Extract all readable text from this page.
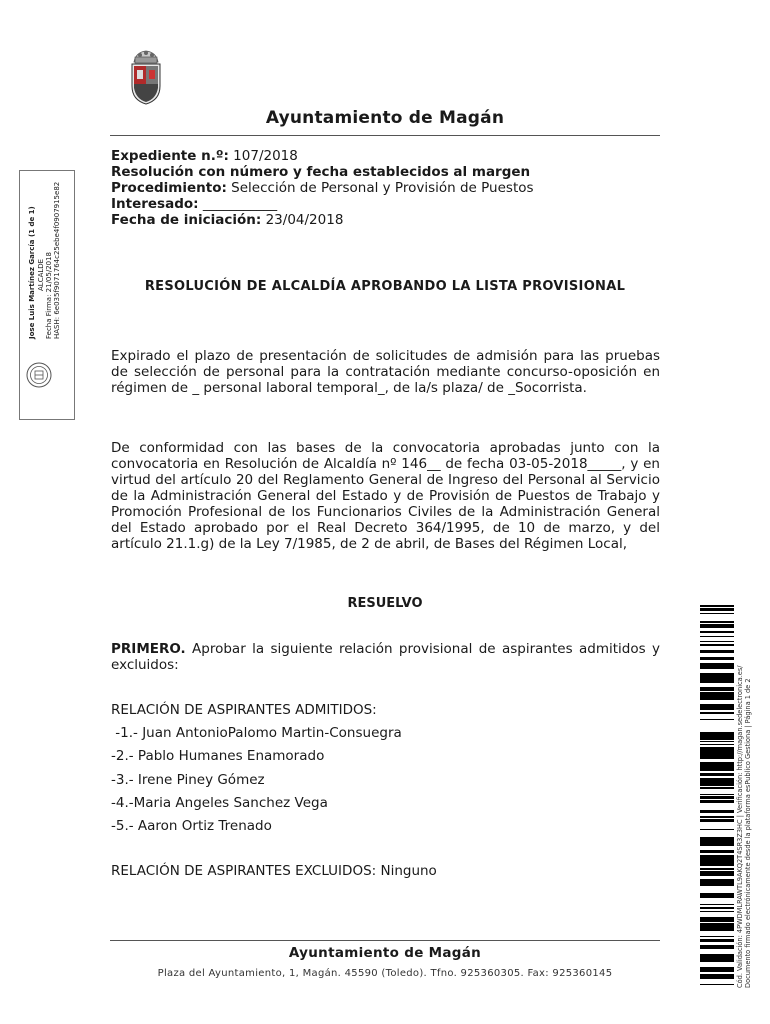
Ayuntamiento de Magán
Jose Luis Martínez García (1 de 1) ALCALDE Fecha Firma: 21/05/2018 HASH: 6e035f9071764c25ebe4f0907915e82
Expediente n.º: 107/2018
Resolución con número y fecha establecidos al margen
Procedimiento: Selección de Personal y Provisión de Puestos
Interesado: ___________
Fecha de iniciación: 23/04/2018
RESOLUCIÓN DE ALCALDÍA APROBANDO LA LISTA PROVISIONAL
Expirado el plazo de presentación de solicitudes de admisión para las pruebas de selección de personal para la contratación mediante concurso-oposición en régimen de _ personal laboral temporal_, de la/s plaza/ de _Socorrista.
De conformidad con las bases de la convocatoria aprobadas junto con la convocatoria en Resolución de Alcaldía nº 146__ de fecha 03-05-2018_____, y en virtud del artículo 20 del Reglamento General de Ingreso del Personal al Servicio de la Administración General del Estado y de Provisión de Puestos de Trabajo y Promoción Profesional de los Funcionarios Civiles de la Administración General del Estado aprobado por el Real Decreto 364/1995, de 10 de marzo, y del artículo 21.1.g) de la Ley 7/1985, de 2 de abril, de Bases del Régimen Local,
RESUELVO
PRIMERO. Aprobar la siguiente relación provisional de aspirantes admitidos y excluidos:
RELACIÓN DE ASPIRANTES ADMITIDOS:
-1.- Juan AntonioPalomo Martin-Consuegra
-2.- Pablo Humanes Enamorado
-3.- Irene Piney Gómez
-4.-Maria Angeles Sanchez Vega
-5.- Aaron Ortiz Trenado
RELACIÓN DE ASPIRANTES EXCLUIDOS: Ninguno
Ayuntamiento de Magán
Plaza del Ayuntamiento, 1, Magán. 45590 (Toledo). Tfno. 925360305. Fax: 925360145	Cód. Validación: 4PWDMLRAWTL9AKQ2T4SR3Z3HC | Verificación: http://magan.sedelectronica.es/ Documento firmado electrónicamente desde la plataforma esPublico Gestiona | Página 1 de 2
